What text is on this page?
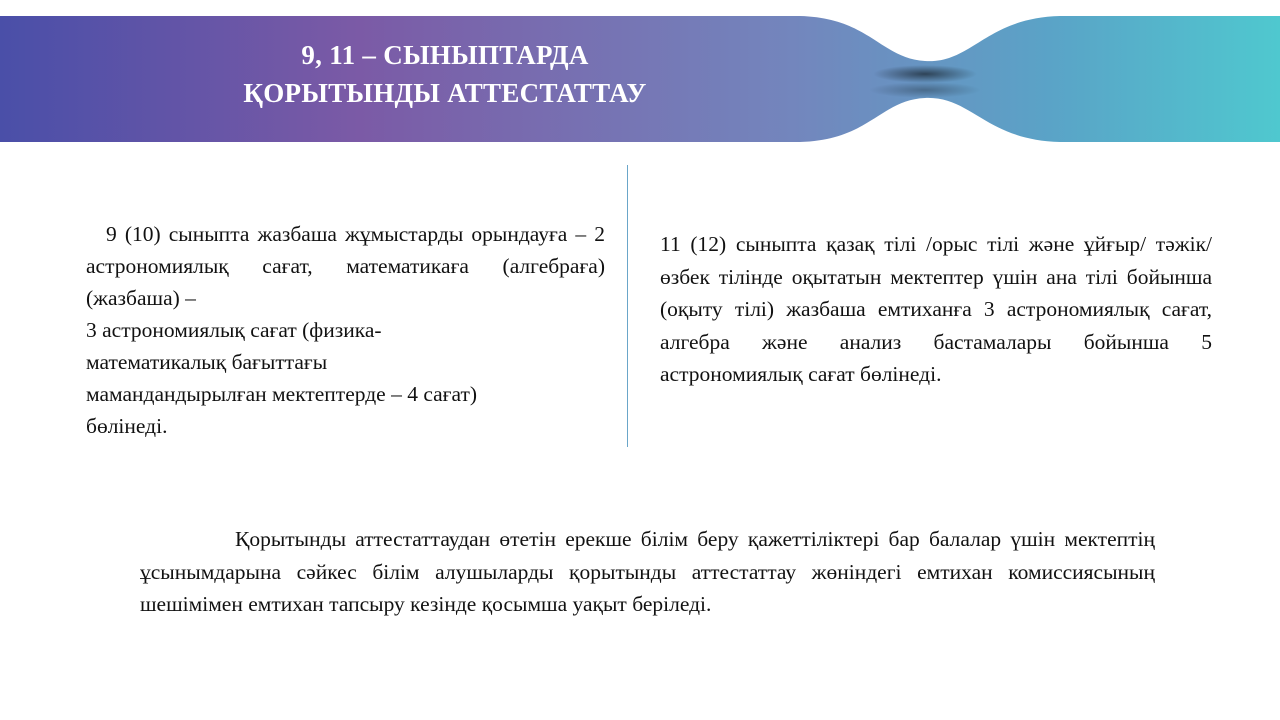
9, 11 – СЫНЫПТАРДА
ҚОРЫТЫНДЫ АТТЕСТАТТАУ

9 (10) сыныпта жазбаша жұмыстарды орындауға – 2 астрономиялық сағат, математикаға (алгебраға) (жазбаша) –

3 астрономиялық сағат (физика-

математикалық бағыттағы

мамандандырылған мектептерде – 4 сағат)

бөлінеді.

11 (12) сыныпта қазақ тілі /орыс тілі және ұйғыр/ тәжік/ өзбек тілінде оқытатын мектептер үшін ана тілі бойынша (оқыту тілі) жазбаша емтиханға 3 астрономиялық сағат, алгебра және анализ бастамалары бойынша 5 астрономиялық сағат бөлінеді.
Қорытынды аттестаттаудан өтетін ерекше білім беру қажеттіліктері бар балалар үшін мектептің ұсынымдарына сәйкес білім алушыларды қорытынды аттестаттау жөніндегі емтихан комиссиясының шешімімен емтихан тапсыру кезінде қосымша уақыт беріледі.
